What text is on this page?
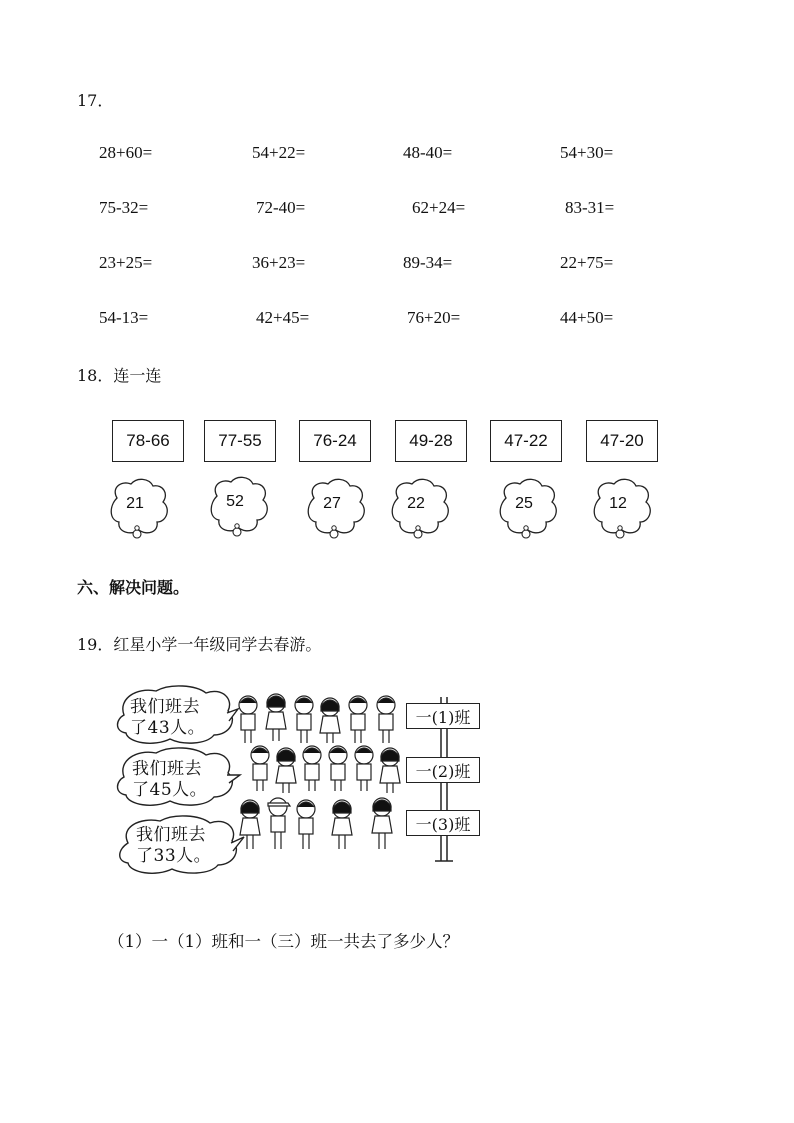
17．
28+60=	54+22=	48-40=	54+30=
75-32=	72-40=	62+24=	83-31=
23+25=	36+23=	89-34=	22+75=
54-13=	42+45=	76+20=	44+50=
18．连一连
78-66	77-55	76-24	49-28	47-22	47-20
21	52	27	22	25	12
六、解决问题。
19．红星小学一年级同学去春游。
我们班去
了43人。
我们班去
了45人。
我们班去
了33人。
一(1)班
一(2)班
一(3)班
（1）一（1）班和一（三）班一共去了多少人？
